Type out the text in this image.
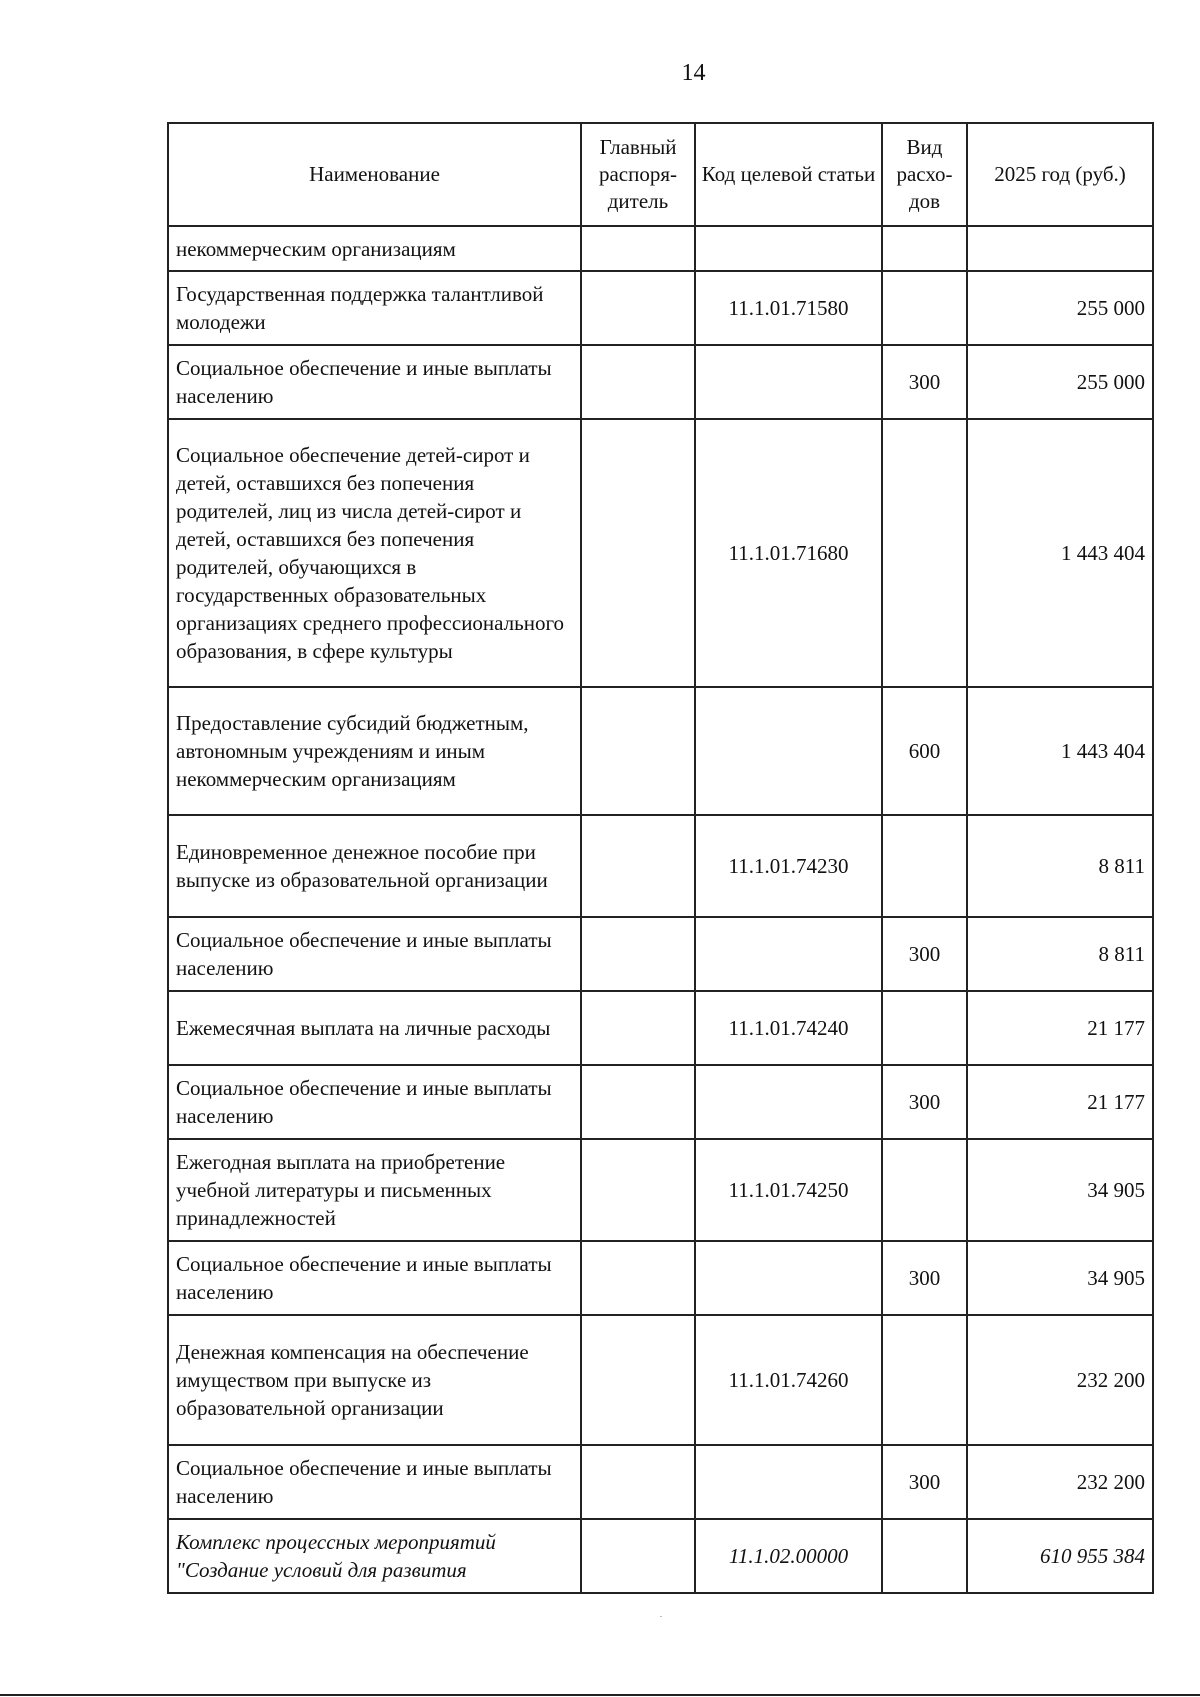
14
Наименование	Главный распоря-дитель	Код целевой статьи	Вид расхо-дов	2025 год (руб.)
некоммерческим организациям				
Государственная поддержка талантливой молодежи		11.1.01.71580		255 000
Социальное обеспечение и иные выплаты населению			300	255 000
Социальное обеспечение детей-сирот и детей, оставшихся без попечения родителей, лиц из числа детей-сирот и детей, оставшихся без попечения родителей, обучающихся в государственных образовательных организациях среднего профессионального образования, в сфере культуры		11.1.01.71680		1 443 404
Предоставление субсидий бюджетным, автономным учреждениям и иным некоммерческим организациям			600	1 443 404
Единовременное денежное пособие при выпуске из образовательной организации		11.1.01.74230		8 811
Социальное обеспечение и иные выплаты населению			300	8 811
Ежемесячная выплата на личные расходы		11.1.01.74240		21 177
Социальное обеспечение и иные выплаты населению			300	21 177
Ежегодная выплата на приобретение учебной литературы и письменных принадлежностей		11.1.01.74250		34 905
Социальное обеспечение и иные выплаты населению			300	34 905
Денежная компенсация на обеспечение имуществом при выпуске из образовательной организации		11.1.01.74260		232 200
Социальное обеспечение и иные выплаты населению			300	232 200
Комплекс процессных мероприятий "Создание условий для развития		11.1.02.00000		610 955 384
